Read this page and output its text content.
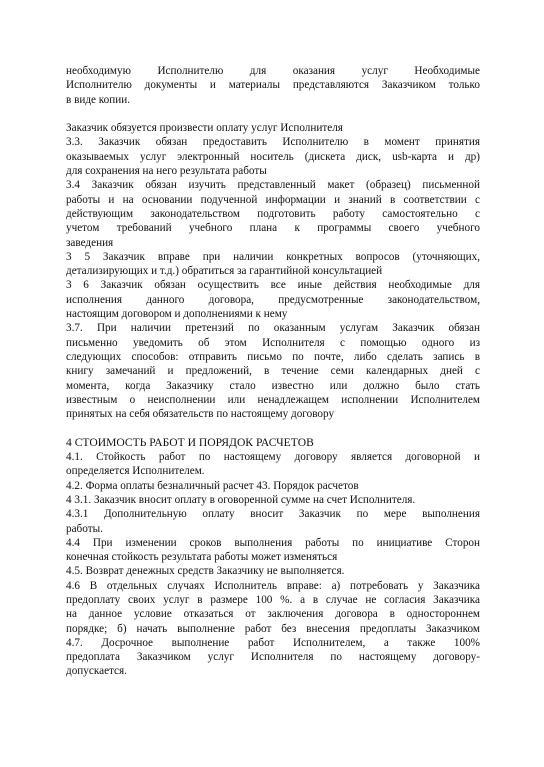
необходимую Исполнителю для оказания услуг Необходимые
Исполнителю документы и материалы представляются Заказчиком только
в виде копии.
Заказчик обязуется произвести оплату услуг Исполнителя
3.3. Заказчик обязан предоставить Исполнителю в момент принятия
оказываемых услуг электронный носитель (дискета диск, usb-карта и др)
для сохранения на него результата работы
3.4 Заказчик обязан изучить представленный макет (образец) письменной
работы и на основании подученной информации и знаний в соответствии с
действующим законодательством подготовить работу самостоятельно с
учетом требований учебного плана к программы своего учебного
заведения
3 5 Заказчик вправе при наличии конкретных вопросов (уточняющих,
детализирующих и т.д.) обратиться за гарантийной консультацией
3 6 Заказчик обязан осуществить все иные действия необходимые для
исполнения данного договора, предусмотренные законодательством,
настоящим договором и дополнениями к нему
3.7. При наличии претензий по оказанным услугам Заказчик обязан
письменно уведомить об этом Исполнителя с помощью одного из
следующих способов: отправить письмо по почте, либо сделать запись в
книгу замечаний и предложений, в течение семи календарных дней с
момента, когда Заказчику стало известно или должно было стать
известным о неисполнении или ненадлежащем исполнении Исполнителем
принятых на себя обязательств по настоящему договору
4 СТОИМОСТЬ РАБОТ И ПОРЯДОК РАСЧЕТОВ
4.1. Стойкость работ по настоящему договору является договорной и
определяется Исполнителем.
4.2. Форма оплаты безналичный расчет 43. Порядок расчетов
4 3.1. Заказчик вносит оплату в оговоренной сумме на счет Исполнителя.
4.3.1 Дополнительную оплату вносит Заказчик по мере выполнения
работы.
4.4 При изменении сроков выполнения работы по инициативе Сторон
конечная стойкость результата работы может изменяться
4.5. Возврат денежных средств Заказчику не выполняется.
4.6 В отдельных случаях Исполнитель вправе: а) потребовать у Заказчика
предоплату своих услуг в размере 100 %. а в случае не согласия Заказчика
на данное условие отказаться от заключения договора в одностороннем
порядке; б) начать выполнение работ без внесения предоплаты Заказчиком
4.7. Досрочное выполнение работ Исполнителем, а также 100%
предоплата Заказчиком услуг Исполнителя по настоящему договору-
допускается.
